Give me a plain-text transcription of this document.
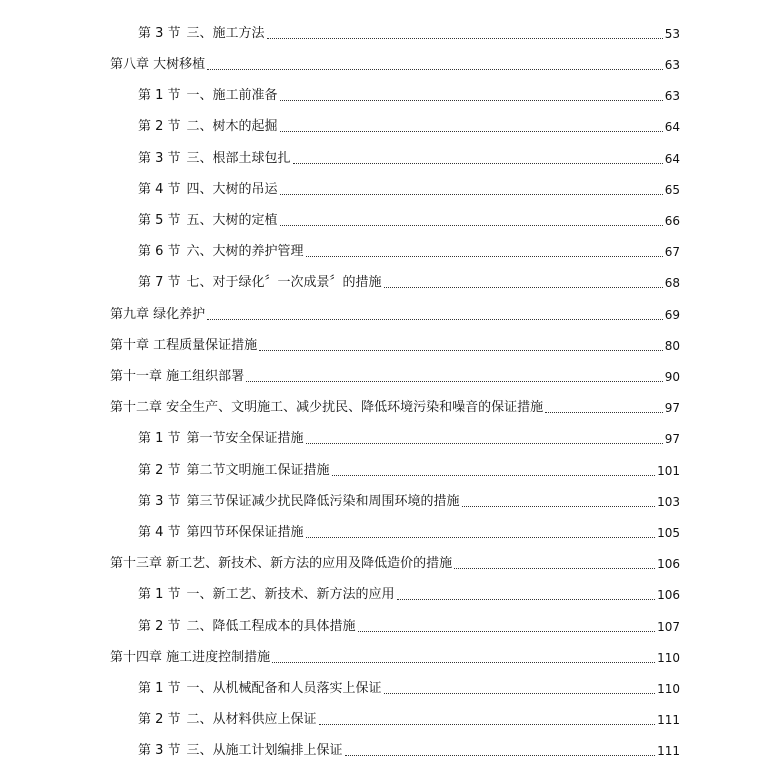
第 3 节 三、施工方法	53
第八章 大树移植	63
第 1 节 一、施工前准备	63
第 2 节 二、树木的起掘	64
第 3 节 三、根部土球包扎	64
第 4 节 四、大树的吊运	65
第 5 节 五、大树的定植	66
第 6 节 六、大树的养护管理	67
第 7 节 七、对于绿化〞一次成景〞的措施	68
第九章 绿化养护	69
第十章 工程质量保证措施	80
第十一章 施工组织部署	90
第十二章 安全生产、文明施工、减少扰民、降低环境污染和噪音的保证措施	97
第 1 节 第一节安全保证措施	97
第 2 节 第二节文明施工保证措施	101
第 3 节 第三节保证减少扰民降低污染和周围环境的措施	103
第 4 节 第四节环保保证措施	105
第十三章 新工艺、新技术、新方法的应用及降低造价的措施	106
第 1 节 一、新工艺、新技术、新方法的应用	106
第 2 节 二、降低工程成本的具体措施	107
第十四章 施工进度控制措施	110
第 1 节 一、从机械配备和人员落实上保证	110
第 2 节 二、从材料供应上保证	111
第 3 节 三、从施工计划编排上保证	111
